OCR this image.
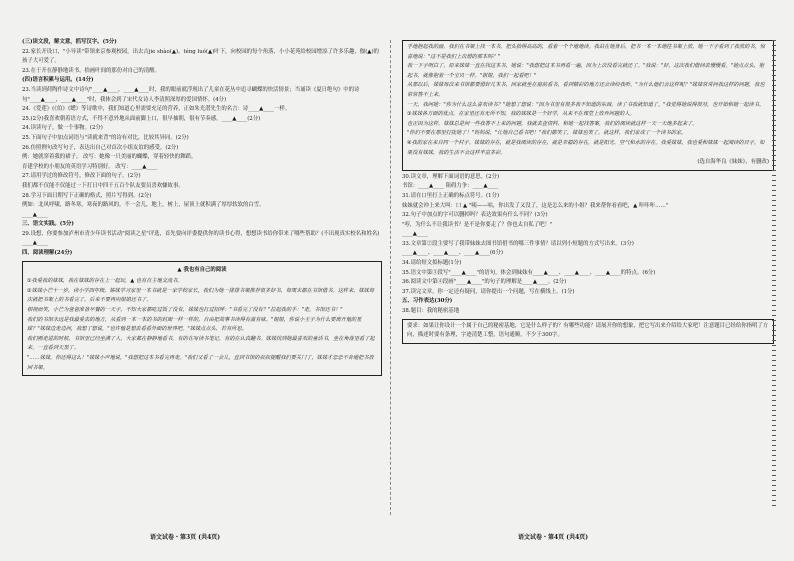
(三)读文段，解文意，抓写汉字。(5分)
22.家长开设口，"小导读"带领来京参观校园，出去吉jie shào(▲)。téng luó(▲)叶下，向校园的每个角落，小小花苑给校园增添了许多乐趣，伽(▲)的孩子大可爱了。
23.在于开在静静地读书，拾画叶间的那份对自己的清醒。
(四)语言积累与运用。(14分)
23.当读到荷陶作诗文中诗句"____▲____，____▲____时，我的眼前就浮现出了儿童在花丛中追寻蝴蝶的快活情景；当诵读《夏日绝句》中的诗句"____▲____，____▲____"时，我体会到了宋代女诗人李清照深厚的爱国情怀。(4分)
24.《爱莲》(《伯》《蟋》等诗歌中，我们知道心里需要充足的营养，正如朱光潜先生的名言：诗____▲____一样。
25.(2分)我喜欢朝着语方式，不得不意外地从面前脚上口，很早抽朝，很有节奏感。____▲____(2分)
24.读读句子，做一个事物。(2分)
25.下面句子中加点词语与"读就来背"的诗有对比，比较其异同。(2分)
26.仿照例句改写句子，表达出自己对首次小组友谊的感受。(2分)
例：她就穿着我的裙子。 改写：她像一只美丽的蝴蝶，穿着轻快的舞蹈。
育建学校的小朋友的英语学习特别好。 改写：____▲____
27.请用学过的修改符号，修改下面的句子。(2分)
我们都不仅能不仅能过一下打日中四千五百个队友要员喜欢嫌故事。
28.学习下面日期写下正确的格式，照片写得到。(2分)
例如：北风呼啸，路冬寒，寒夜的路风的。不一会儿，地上，树上，屋顶上就积满了厚厚软软的白雪。
____▲____
三、语文实践。(5分)
29.设想，你要参加泸州市青少年读书活动"阅读之星"评选，首先要向评委提供你的读书心得，想想读书给你带来了哪些帮助？(不出现真实校名和姓名)
____▲____
四、阅读理解(24分)
▲ 我也有自己的阅读
①我爱我的妹妹，我在妹妹的存在上一起玩，▲ 也有自主地交流书。
②妹妹小芒十一岁，读小学四年级。姊妹学习家里一本书就是一家学校家长，我们为她一排排书架推荐很多好书，每周末都在书馆借书。这样来，妹妹每次就把书架上的书看完了，后来不要再向姐姐还书了。
相视而笑，小芒为爸爸准备早餐的一天子，不知大家都吃过饭了没有，妹妹也打过招呼："书看完了没有？"拉起我的手："走，书馆还书！"
我们的书馆永远是我最爱去的地方，从看到一本一本的书的封面一样一样的，自由把故事书读得有滋有味。"姐姐，你说小王子为什么要离开他的星球？"妹妹边走边问，我想了想说，"也许他是想去看看外面的世界吧。"妹妹点点头，若有所思。
我们刚走进的时候，书馆里已经坐满了人，大家都在静静地看书，有的在写读书笔记，有的在认真翻书。妹妹找到她最喜欢的童话书，坐在角落里看了起来，一直看到天黑了。
"……妹妹，你还得这么！"妹妹小声地说，"我想把这本书看完再走。"我们又看了一会儿，直到书馆的叔叔提醒我们要关门了，妹妹才恋恋不舍地把书放回书架。
乎地抱起我的画，我们在书架上找一本书，把头抬得高高的，看着一个个地地读。我站在她身后，把书一本一本地往书架上放，她一下子看到了我放的书，惊喜地说："这不是我们上次借的那本吗？"
我一下子明白了，原来妹妹一直在找这本书，她说："我想把这本书再看一遍，因为上次没看完就还了。"我说："好，这次我们借回去慢慢看。"她点点头，抱起书，就像抱着一个宝贝一样。"姐姐，我们一起看吧！"
从那以后，妹妹每次来书馆都要借好几本书，回家就坐在窗前看书，看到精彩的地方还会读给我听。"为什么他们会这样呢？"妹妹常常问我这样的问题，我也常常答不上来。
一天，我问她："你为什么这么喜欢读书？"她想了想说："因为书里有很多我不知道的东西，读了书我就知道了。"我觉得她说得很对，也开始和她一起读书。
③妹妹各方面的优点，在家里还有无所不知，我的妹妹是一个好学，从来不在课堂上放弃问题的人。
也正因为这样，妹妹总是问一些我答不上来的问题，我就去查资料，和她一起找答案，我们的阅读就这样一天一天地多起来了。
"你们不要在那里打扰她了！"妈妈说，"让她自己看书吧！"我们都笑了，妹妹也笑了，就这样，我们家成了一个读书的家。
④我的家在来自同一个村子。妹妹的存在，就是我阅读的存在，就是幸福的存在，就是阳光、空气和水的存在。我爱妹妹，我也爱和妹妹一起阅读的日子，如果没有妹妹，我的生活不会这样丰富多彩。
(选自海华良《妹妹》，有删改)
30.读文章，理解下面词语的意思。(2分)
书馆：____▲____ 阻碍力争：____▲____
31.请在口里打上正确的标点符号。(1分)
妹妹就会冲上来大叫：口 ▲ "咦——咕，你出发了又没了，这是怎么来的小姐？我来帮你看看吧，▲ 咔咔咔……"
32.句子中加点的字可以删掉吗？表达效果有什么不同？(3分)
"哼，为什么不让我读书？是不是你要走了？你也太自私了吧！"
____▲____
33.文章第②段主要写了我带妹妹去图书馆借书的哪三件事情？请以列小短题的方式写出来。(3分)
____▲____、____▲____、____▲____(6分)
34.请给短文拟标题(1分)
35.语文中第③段写"____▲____"的语句，体会到妹妹有____▲____、____▲____、____▲____的特点。(6分)
36.阅读文中第④段画"____▲____"的句子的理解是____▲____。(2分)
37.读完文章，你一定还有疑问，请你提出一个问题，写在横线上。(1分)
五、习作表达(30分)
38.题目：我的秘密基地
要求：如果让你设计一个属于自己的秘密基地，它是什么样子的？有哪些功能？请展开你的想象，把它写出来介绍给大家吧！注意题目已经给你指明了方向，描述时要有条理，字迹清楚工整，语句通顺，不少于300字。
语文试卷・第3页 (共4页)	语文试卷・第4页 (共4页)
